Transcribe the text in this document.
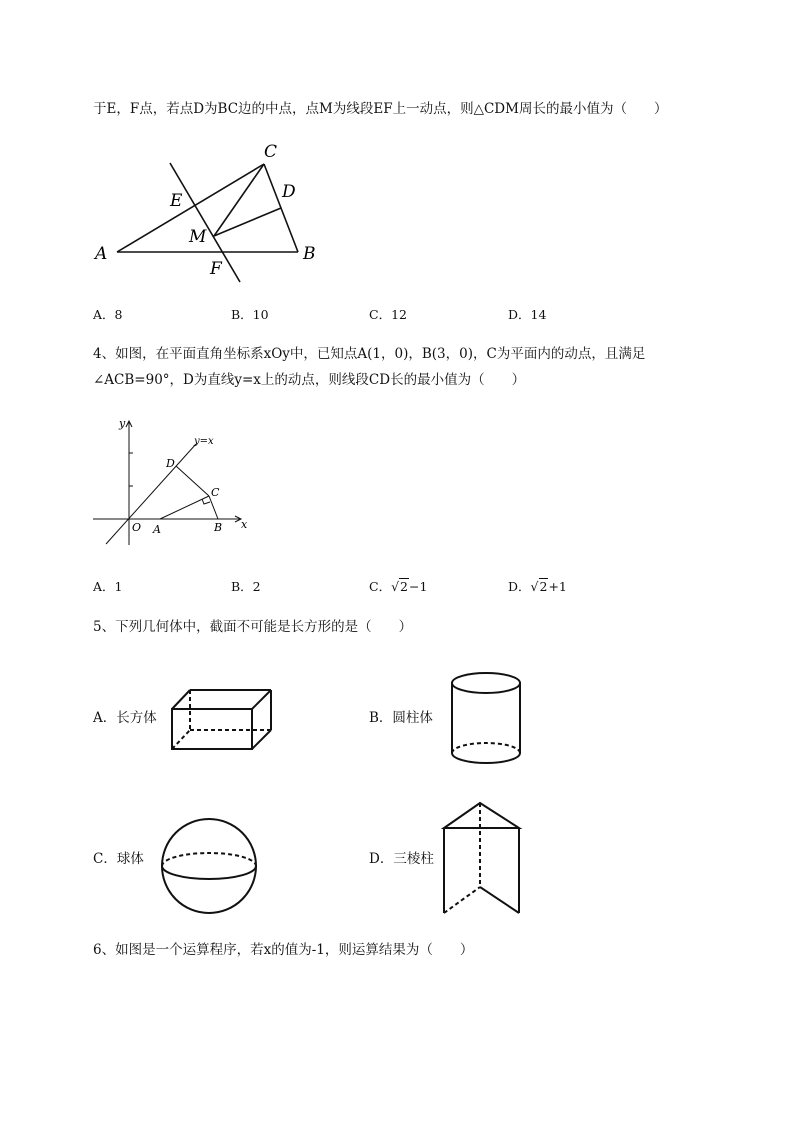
于E，F点，若点D为BC边的中点，点M为线段EF上一动点，则△CDM周长的最小值为（　　）
C
D
E
M
A	B
F
A．8	B．10	C．12	D．14
4、如图，在平面直角坐标系xOy中，已知点A(1，0)，B(3，0)，C为平面内的动点，且满足
∠ACB=90°，D为直线y=x上的动点，则线段CD长的最小值为（　　）
y
x
y=x
D
C
O A	B
A．1	B．2	C．√2−1	D．√2+1
5、下列几何体中，截面不可能是长方形的是（　　）
A．长方体	B．圆柱体
C．球体	D．三棱柱
6、如图是一个运算程序，若x的值为-1，则运算结果为（　　）
